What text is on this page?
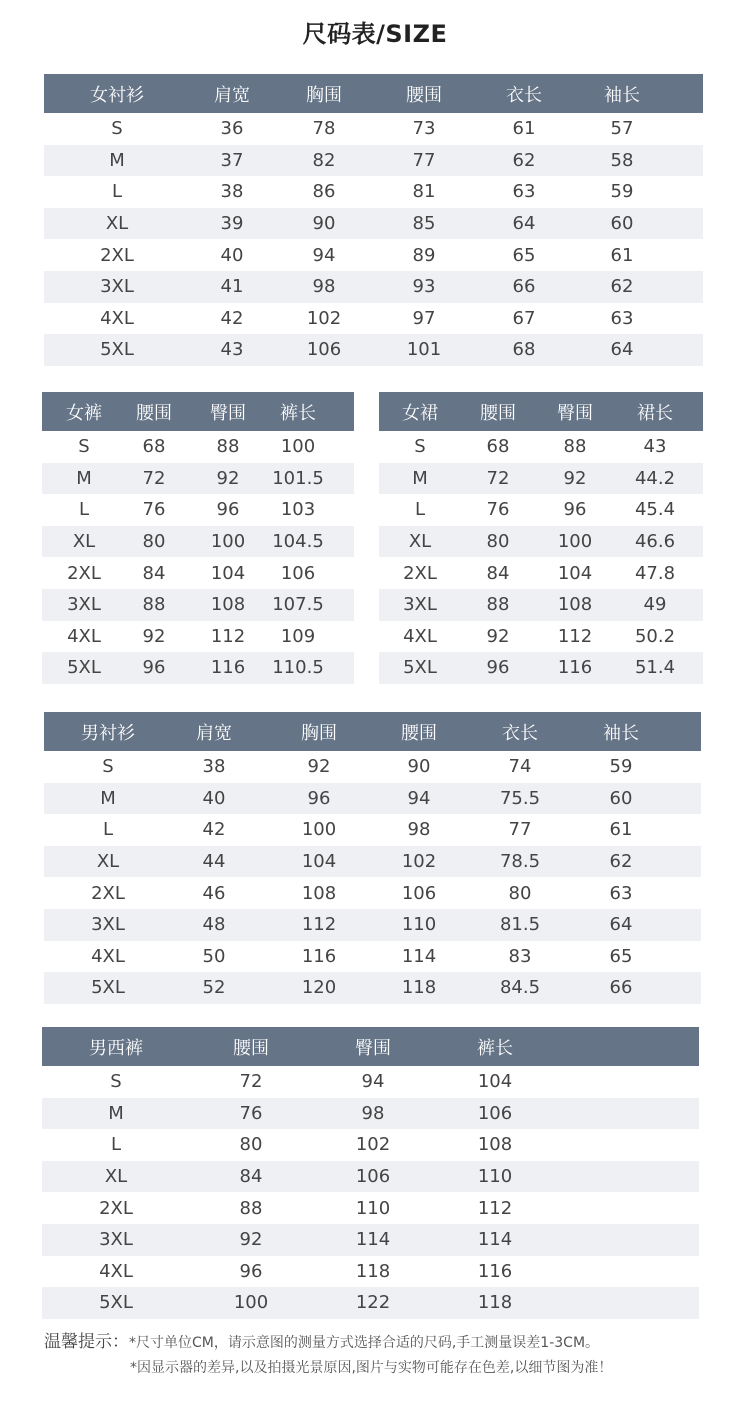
尺码表/SIZE
女衬衫	肩宽	胸围	腰围	衣长	袖长
S	36	78	73	61	57
M	37	82	77	62	58
L	38	86	81	63	59
XL	39	90	85	64	60
2XL	40	94	89	65	61
3XL	41	98	93	66	62
4XL	42	102	97	67	63
5XL	43	106	101	68	64
女裤	腰围	臀围	裤长
S	68	88	100
M	72	92	101.5
L	76	96	103
XL	80	100	104.5
2XL	84	104	106
3XL	88	108	107.5
4XL	92	112	109
5XL	96	116	110.5
女裙	腰围	臀围	裙长
S	68	88	43
M	72	92	44.2
L	76	96	45.4
XL	80	100	46.6
2XL	84	104	47.8
3XL	88	108	49
4XL	92	112	50.2
5XL	96	116	51.4
男衬衫	肩宽	胸围	腰围	衣长	袖长
S	38	92	90	74	59
M	40	96	94	75.5	60
L	42	100	98	77	61
XL	44	104	102	78.5	62
2XL	46	108	106	80	63
3XL	48	112	110	81.5	64
4XL	50	116	114	83	65
5XL	52	120	118	84.5	66
男西裤	腰围	臀围	裤长
S	72	94	104
M	76	98	106
L	80	102	108
XL	84	106	110
2XL	88	110	112
3XL	92	114	114
4XL	96	118	116
5XL	100	122	118
温馨提示：*尺寸单位CM，请示意图的测量方式选择合适的尺码,手工测量误差1-3CM。
*因显示器的差异,以及拍摄光景原因,图片与实物可能存在色差,以细节图为准！
